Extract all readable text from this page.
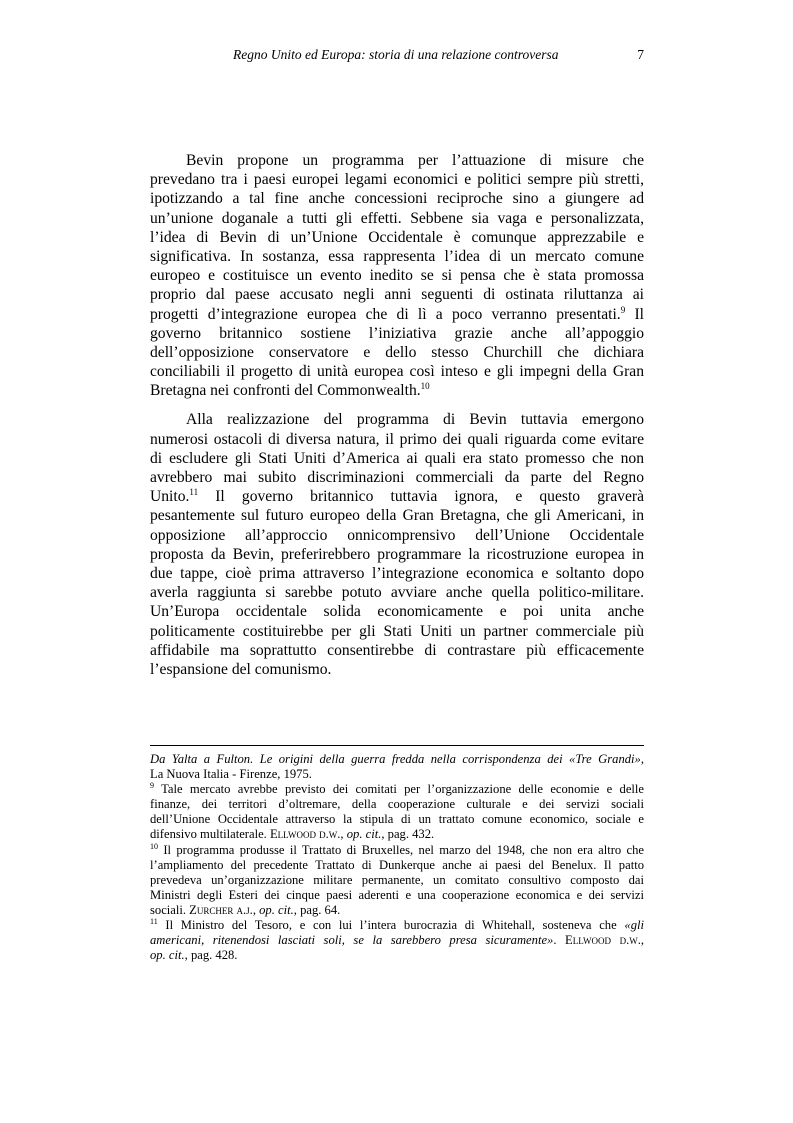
Regno Unito ed Europa: storia di una relazione controversa	7
Bevin propone un programma per l’attuazione di misure che
prevedano tra i paesi europei legami economici e politici sempre più stretti,
ipotizzando a tal fine anche concessioni reciproche sino a giungere ad
un’unione doganale a tutti gli effetti. Sebbene sia vaga e personalizzata,
l’idea di Bevin di un’Unione Occidentale è comunque apprezzabile e
significativa. In sostanza, essa rappresenta l’idea di un mercato comune
europeo e costituisce un evento inedito se si pensa che è stata promossa
proprio dal paese accusato negli anni seguenti di ostinata riluttanza ai
progetti d’integrazione europea che di lì a poco verranno presentati.$^9$ Il
governo britannico sostiene l’iniziativa grazie anche all’appoggio
dell’opposizione conservatore e dello stesso Churchill che dichiara
conciliabili il progetto di unità europea così inteso e gli impegni della Gran
Bretagna nei confronti del Commonwealth.$^{10}$
Alla realizzazione del programma di Bevin tuttavia emergono
numerosi ostacoli di diversa natura, il primo dei quali riguarda come evitare
di escludere gli Stati Uniti d’America ai quali era stato promesso che non
avrebbero mai subito discriminazioni commerciali da parte del Regno
Unito.$^{11}$ Il governo britannico tuttavia ignora, e questo graverà
pesantemente sul futuro europeo della Gran Bretagna, che gli Americani, in
opposizione all’approccio onnicomprensivo dell’Unione Occidentale
proposta da Bevin, preferirebbero programmare la ricostruzione europea in
due tappe, cioè prima attraverso l’integrazione economica e soltanto dopo
averla raggiunta si sarebbe potuto avviare anche quella politico-militare.
Un’Europa occidentale solida economicamente e poi unita anche
politicamente costituirebbe per gli Stati Uniti un partner commerciale più
affidabile ma soprattutto consentirebbe di contrastare più efficacemente
l’espansione del comunismo.
Da Yalta a Fulton. Le origini della guerra fredda nella corrispondenza dei «Tre Grandi»,
La Nuova Italia - Firenze, 1975.
$^9$ Tale mercato avrebbe previsto dei comitati per l’organizzazione delle economie e delle
finanze, dei territori d’oltremare, della cooperazione culturale e dei servizi sociali
dell’Unione Occidentale attraverso la stipula di un trattato comune economico, sociale e
difensivo multilaterale. Ellwood d.w., op. cit., pag. 432.
$^{10}$ Il programma produsse il Trattato di Bruxelles, nel marzo del 1948, che non era altro che
l’ampliamento del precedente Trattato di Dunkerque anche ai paesi del Benelux. Il patto
prevedeva un’organizzazione militare permanente, un comitato consultivo composto dai
Ministri degli Esteri dei cinque paesi aderenti e una cooperazione economica e dei servizi
sociali. Zurcher a.j., op. cit., pag. 64.
$^{11}$ Il Ministro del Tesoro, e con lui l’intera burocrazia di Whitehall, sosteneva che «gli
americani, ritenendosi lasciati soli, se la sarebbero presa sicuramente». Ellwood d.w.,
op. cit., pag. 428.
